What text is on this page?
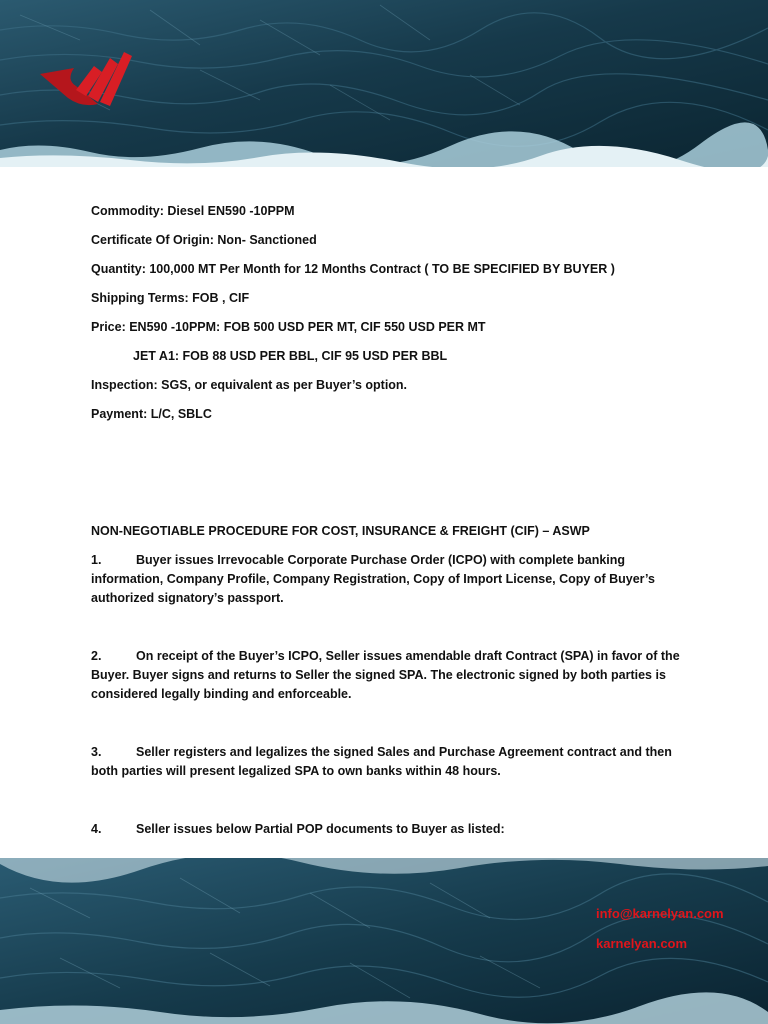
Commodity: Diesel EN590 -10PPM
Certificate Of Origin: Non- Sanctioned
Quantity: 100,000 MT Per Month for 12 Months Contract ( TO BE SPECIFIED BY BUYER )
Shipping Terms: FOB , CIF
Price: EN590 -10PPM: FOB 500 USD PER MT, CIF 550 USD PER MT
JET A1: FOB 88 USD PER BBL, CIF 95 USD PER BBL
Inspection: SGS, or equivalent as per Buyer’s option.
Payment: L/C, SBLC
NON-NEGOTIABLE PROCEDURE FOR COST, INSURANCE & FREIGHT (CIF) – ASWP
1.	Buyer issues Irrevocable Corporate Purchase Order (ICPO) with complete banking information, Company Profile, Company Registration, Copy of Import License, Copy of Buyer’s authorized signatory’s passport.
2.	On receipt of the Buyer’s ICPO, Seller issues amendable draft Contract (SPA) in favor of the Buyer. Buyer signs and returns to Seller the signed SPA. The electronic signed by both parties is considered legally binding and enforceable.
3.	Seller registers and legalizes the signed Sales and Purchase Agreement contract and then both parties will present legalized SPA to own banks within 48 hours.
4.	Seller issues below Partial POP documents to Buyer as listed:
info@karnelyan.com
karnelyan.com
